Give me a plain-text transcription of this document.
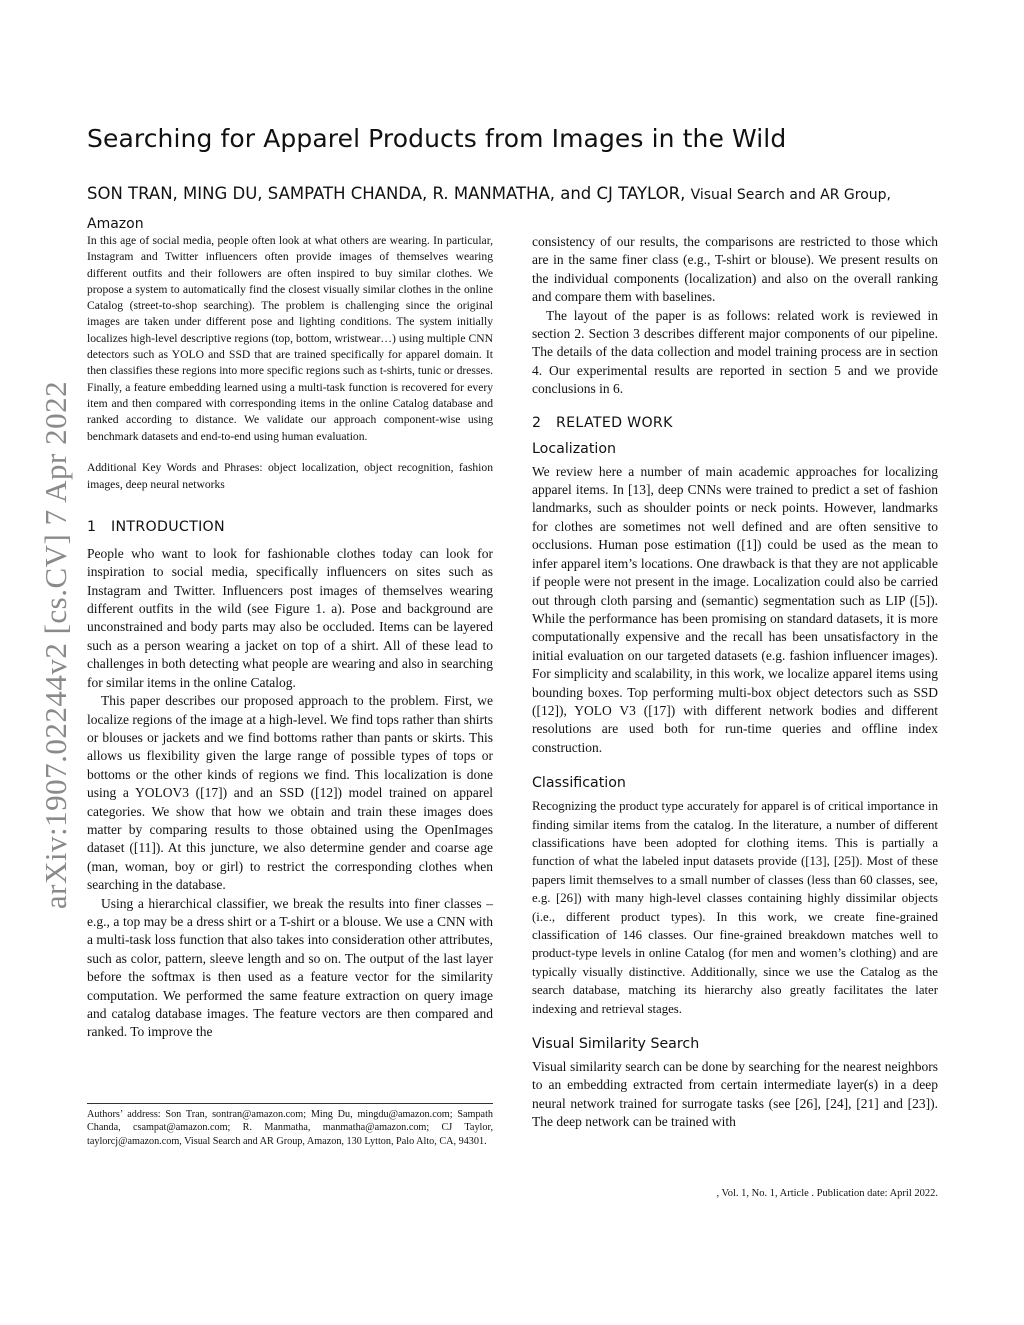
arXiv:1907.02244v2 [cs.CV] 7 Apr 2022
Searching for Apparel Products from Images in the Wild
SON TRAN, MING DU, SAMPATH CHANDA, R. MANMATHA, and CJ TAYLOR, Visual Search and AR Group, Amazon

In this age of social media, people often look at what others are wearing. In particular, Instagram and Twitter influencers often provide images of themselves wearing different outfits and their followers are often inspired to buy similar clothes. We propose a system to automatically find the closest visually similar clothes in the online Catalog (street-to-shop searching). The problem is challenging since the original images are taken under different pose and lighting conditions. The system initially localizes high-level descriptive regions (top, bottom, wristwear…) using multiple CNN detectors such as YOLO and SSD that are trained specifically for apparel domain. It then classifies these regions into more specific regions such as t-shirts, tunic or dresses. Finally, a feature embedding learned using a multi-task function is recovered for every item and then compared with corresponding items in the online Catalog database and ranked according to distance. We validate our approach component-wise using benchmark datasets and end-to-end using human evaluation.

Additional Key Words and Phrases: object localization, object recognition, fashion images, deep neural networks

1 INTRODUCTION

People who want to look for fashionable clothes today can look for inspiration to social media, specifically influencers on sites such as Instagram and Twitter. Influencers post images of themselves wearing different outfits in the wild (see Figure 1. a). Pose and background are unconstrained and body parts may also be occluded. Items can be layered such as a person wearing a jacket on top of a shirt. All of these lead to challenges in both detecting what people are wearing and also in searching for similar items in the online Catalog.

This paper describes our proposed approach to the problem. First, we localize regions of the image at a high-level. We find tops rather than shirts or blouses or jackets and we find bottoms rather than pants or skirts. This allows us flexibility given the large range of possible types of tops or bottoms or the other kinds of regions we find. This localization is done using a YOLOV3 ([17]) and an SSD ([12]) model trained on apparel categories. We show that how we obtain and train these images does matter by comparing results to those obtained using the OpenImages dataset ([11]). At this juncture, we also determine gender and coarse age (man, woman, boy or girl) to restrict the corresponding clothes when searching in the database.

Using a hierarchical classifier, we break the results into finer classes – e.g., a top may be a dress shirt or a T-shirt or a blouse. We use a CNN with a multi-task loss function that also takes into consideration other attributes, such as color, pattern, sleeve length and so on. The output of the last layer before the softmax is then used as a feature vector for the similarity computation. We performed the same feature extraction on query image and catalog database images. The feature vectors are then compared and ranked. To improve the

Authors’ address: Son Tran, sontran@amazon.com; Ming Du, mingdu@amazon.com; Sampath Chanda, csampat@amazon.com; R. Manmatha, manmatha@amazon.com; CJ Taylor, taylorcj@amazon.com, Visual Search and AR Group, Amazon, 130 Lytton, Palo Alto, CA, 94301.

consistency of our results, the comparisons are restricted to those which are in the same finer class (e.g., T-shirt or blouse). We present results on the individual components (localization) and also on the overall ranking and compare them with baselines.

The layout of the paper is as follows: related work is reviewed in section 2. Section 3 describes different major components of our pipeline. The details of the data collection and model training process are in section 4. Our experimental results are reported in section 5 and we provide conclusions in 6.

2 RELATED WORK
Localization

We review here a number of main academic approaches for localizing apparel items. In [13], deep CNNs were trained to predict a set of fashion landmarks, such as shoulder points or neck points. However, landmarks for clothes are sometimes not well defined and are often sensitive to occlusions. Human pose estimation ([1]) could be used as the mean to infer apparel item’s locations. One drawback is that they are not applicable if people were not present in the image. Localization could also be carried out through cloth parsing and (semantic) segmentation such as LIP ([5]). While the performance has been promising on standard datasets, it is more computationally expensive and the recall has been unsatisfactory in the initial evaluation on our targeted datasets (e.g. fashion influencer images). For simplicity and scalability, in this work, we localize apparel items using bounding boxes. Top performing multi-box object detectors such as SSD ([12]), YOLO V3 ([17]) with different network bodies and different resolutions are used both for run-time queries and offline index construction.

Classification

Recognizing the product type accurately for apparel is of critical importance in finding similar items from the catalog. In the literature, a number of different classifications have been adopted for clothing items. This is partially a function of what the labeled input datasets provide ([13], [25]). Most of these papers limit themselves to a small number of classes (less than 60 classes, see, e.g. [26]) with many high-level classes containing highly dissimilar objects (i.e., different product types). In this work, we create fine-grained classification of 146 classes. Our fine-grained breakdown matches well to product-type levels in online Catalog (for men and women’s clothing) and are typically visually distinctive. Additionally, since we use the Catalog as the search database, matching its hierarchy also greatly facilitates the later indexing and retrieval stages.

Visual Similarity Search

Visual similarity search can be done by searching for the nearest neighbors to an embedding extracted from certain intermediate layer(s) in a deep neural network trained for surrogate tasks (see [26], [24], [21] and [23]). The deep network can be trained with

, Vol. 1, No. 1, Article . Publication date: April 2022.
